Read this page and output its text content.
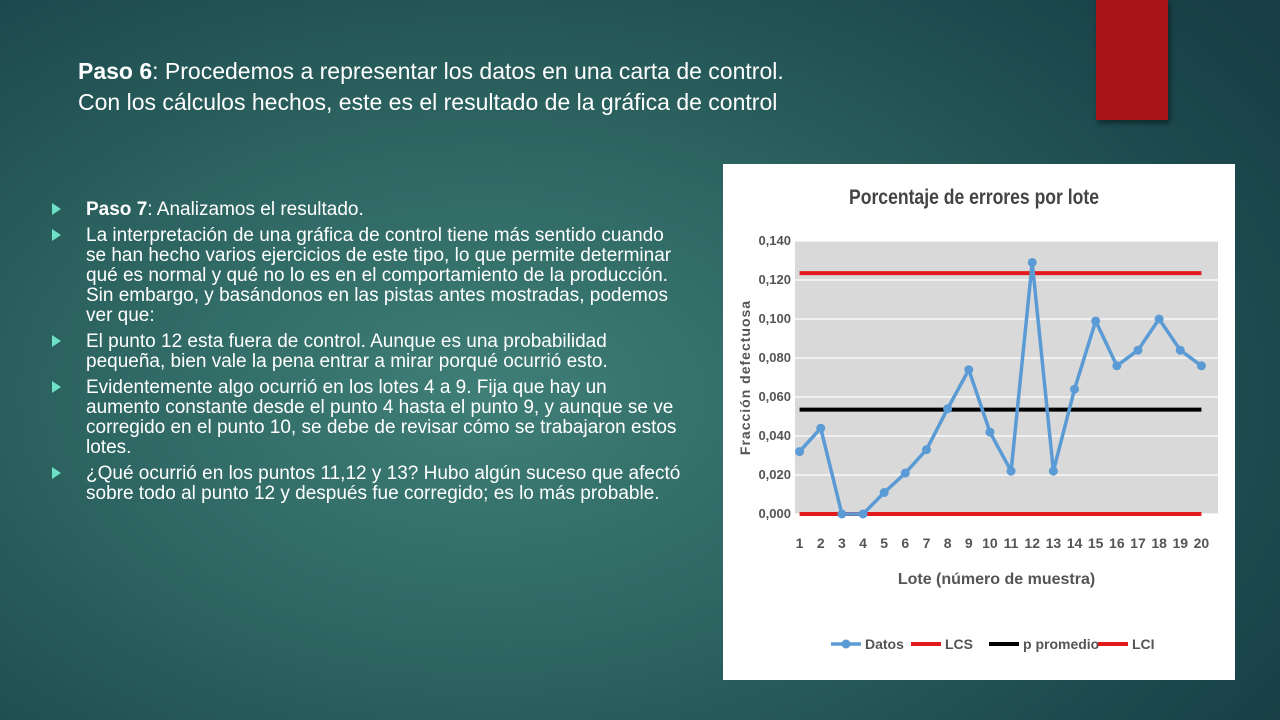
Paso 6: Procedemos a representar los datos en una carta de control.
Con los cálculos hechos, este es el resultado de la gráfica de control
Paso 7: Analizamos el resultado.
La interpretación de una gráfica de control tiene más sentido cuando se han hecho varios ejercicios de este tipo, lo que permite determinar qué es normal y qué no lo es en el comportamiento de la producción. Sin embargo, y basándonos en las pistas antes mostradas, podemos ver que:
El punto 12 esta fuera de control. Aunque es una probabilidad pequeña, bien vale la pena entrar a mirar porqué ocurrió esto.
Evidentemente algo ocurrió en los lotes 4 a 9. Fija que hay un aumento constante desde el punto 4 hasta el punto 9, y aunque se ve corregido en el punto 10, se debe de revisar cómo se trabajaron estos lotes.
¿Qué ocurrió en los puntos 11,12 y 13? Hubo algún suceso que afectó sobre todo al punto 12 y después fue corregido; es lo más probable.
Porcentaje de errores por lote
0,000
0,020
0,040
0,060
0,080
0,100
0,120
0,140
1 2 3 4 5 6 7 8 9 10 11 12 13 14 15 16 17 18 19 20
Fracción defectuosa
Lote (número de muestra)
Datos	LCS	p promedio LCI
